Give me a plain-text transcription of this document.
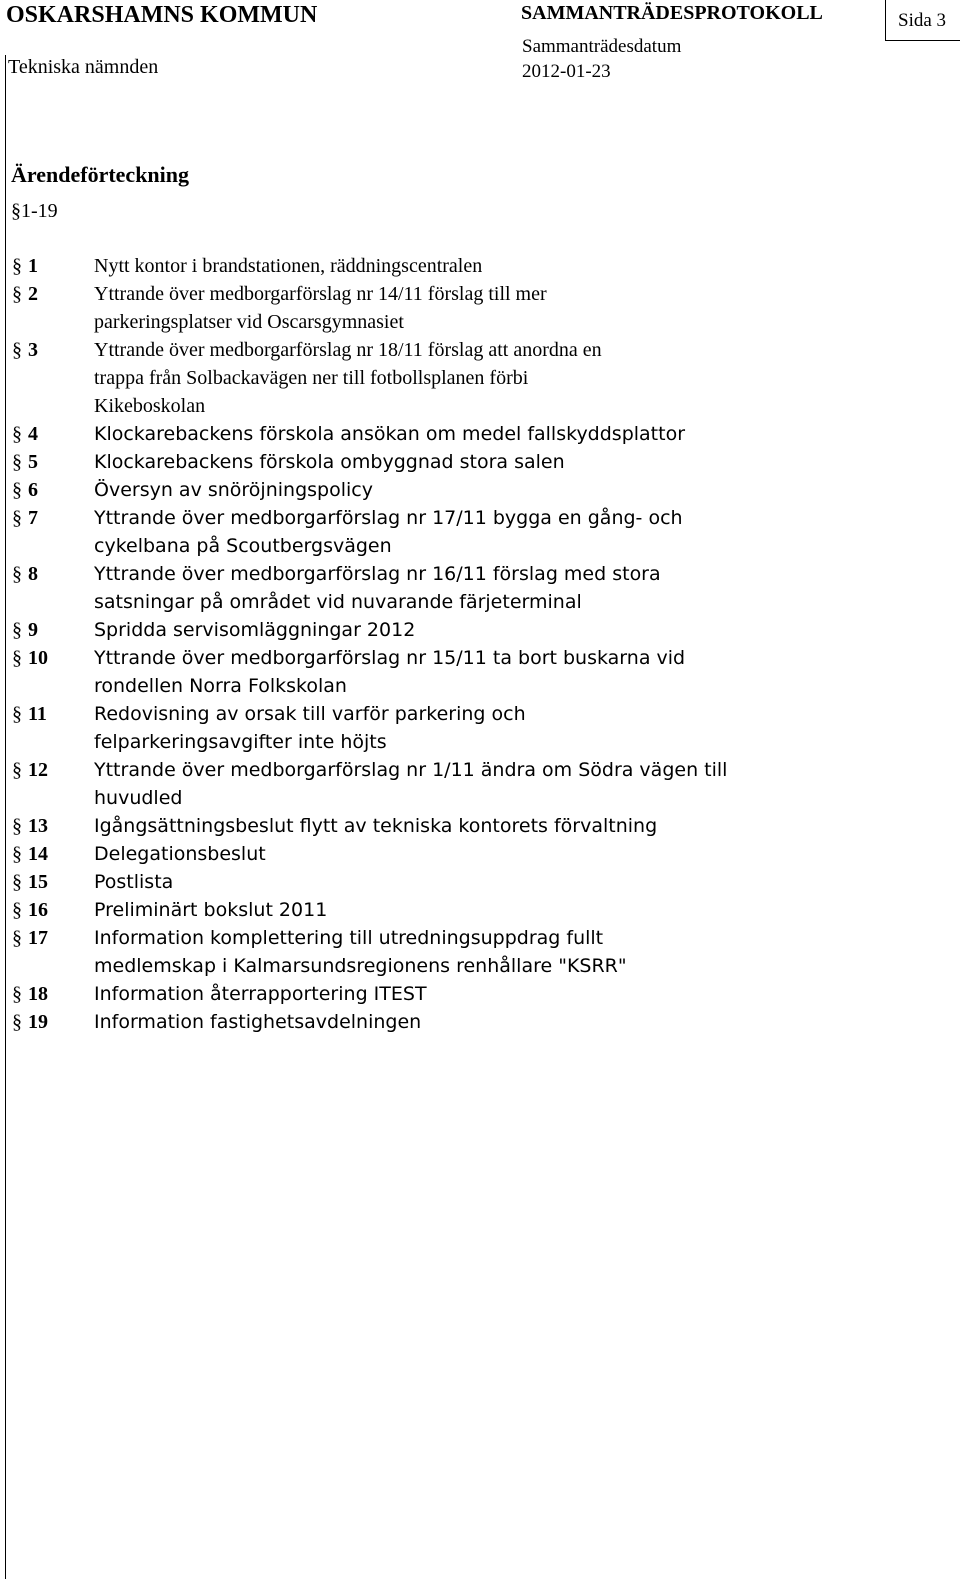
OSKARSHAMNS KOMMUN
Tekniska nämnden
SAMMANTRÄDESPROTOKOLL
Sammanträdesdatum
2012-01-23
Sida 3
Ärendeförteckning
§1-19
§ 1	Nytt kontor i brandstationen, räddningscentralen
§ 2	Yttrande över medborgarförslag nr 14/11 förslag till mer
parkeringsplatser vid Oscarsgymnasiet
§ 3	Yttrande över medborgarförslag nr 18/11 förslag att anordna en
trappa från Solbackavägen ner till fotbollsplanen förbi
Kikeboskolan
§ 4	Klockarebackens förskola ansökan om medel fallskyddsplattor
§ 5	Klockarebackens förskola ombyggnad stora salen
§ 6	Översyn av snöröjningspolicy
§ 7	Yttrande över medborgarförslag nr 17/11 bygga en gång- och
cykelbana på Scoutbergsvägen
§ 8	Yttrande över medborgarförslag nr 16/11 förslag med stora
satsningar på området vid nuvarande färjeterminal
§ 9	Spridda servisomläggningar 2012
§ 10	Yttrande över medborgarförslag nr 15/11 ta bort buskarna vid
rondellen Norra Folkskolan
§ 11	Redovisning av orsak till varför parkering och
felparkeringsavgifter inte höjts
§ 12	Yttrande över medborgarförslag nr 1/11 ändra om Södra vägen till
huvudled
§ 13	Igångsättningsbeslut flytt av tekniska kontorets förvaltning
§ 14	Delegationsbeslut
§ 15	Postlista
§ 16	Preliminärt bokslut 2011
§ 17	Information komplettering till utredningsuppdrag fullt
medlemskap i Kalmarsundsregionens renhållare "KSRR"
§ 18	Information återrapportering ITEST
§ 19	Information fastighetsavdelningen
